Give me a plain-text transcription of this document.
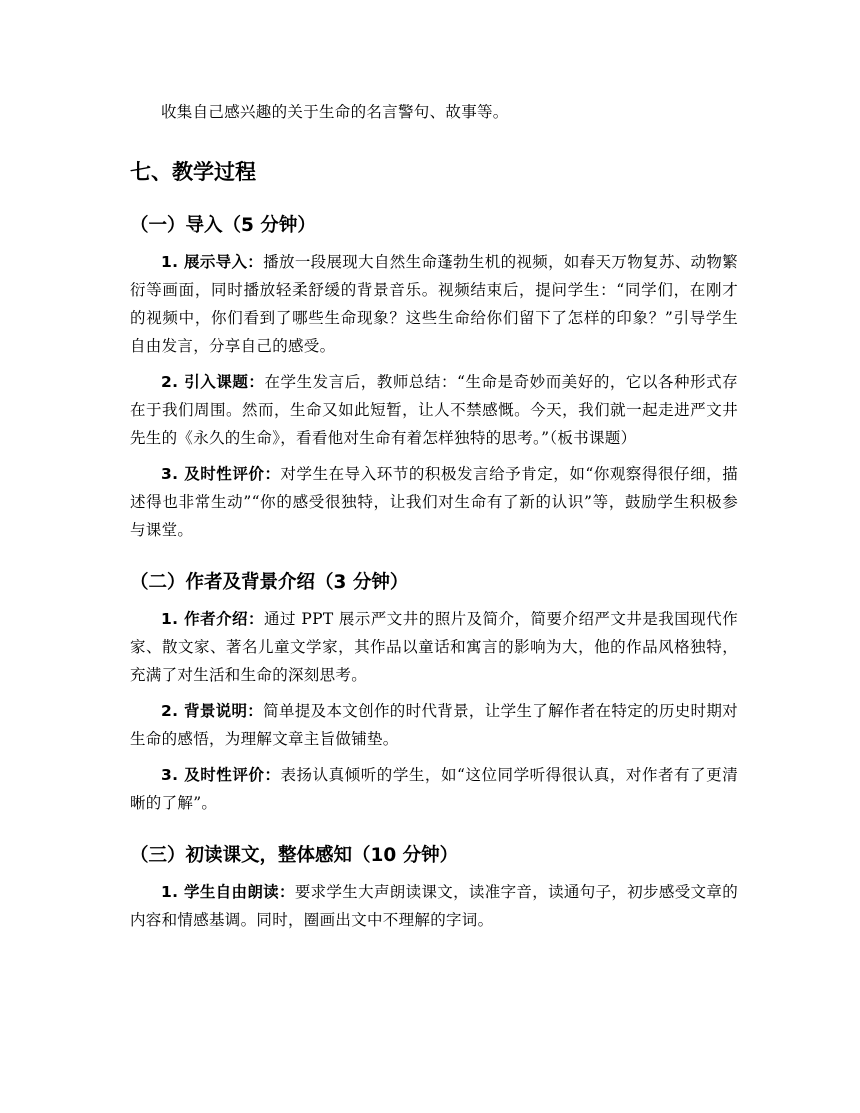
收集自己感兴趣的关于生命的名言警句、故事等。

七、教学过程
（一）导入（5 分钟）

1. 展示导入：播放一段展现大自然生命蓬勃生机的视频，如春天万物复苏、动物繁衍等画面，同时播放轻柔舒缓的背景音乐。视频结束后，提问学生：“同学们，在刚才的视频中，你们看到了哪些生命现象？这些生命给你们留下了怎样的印象？”引导学生自由发言，分享自己的感受。

2. 引入课题：在学生发言后，教师总结：“生命是奇妙而美好的，它以各种形式存在于我们周围。然而，生命又如此短暂，让人不禁感慨。今天，我们就一起走进严文井先生的《永久的生命》，看看他对生命有着怎样独特的思考。”（板书课题）

3. 及时性评价：对学生在导入环节的积极发言给予肯定，如“你观察得很仔细，描述得也非常生动”“你的感受很独特，让我们对生命有了新的认识”等，鼓励学生积极参与课堂。

（二）作者及背景介绍（3 分钟）

1. 作者介绍：通过 PPT 展示严文井的照片及简介，简要介绍严文井是我国现代作家、散文家、著名儿童文学家，其作品以童话和寓言的影响为大，他的作品风格独特，充满了对生活和生命的深刻思考。

2. 背景说明：简单提及本文创作的时代背景，让学生了解作者在特定的历史时期对生命的感悟，为理解文章主旨做铺垫。

3. 及时性评价：表扬认真倾听的学生，如“这位同学听得很认真，对作者有了更清晰的了解”。

（三）初读课文，整体感知（10 分钟）

1. 学生自由朗读：要求学生大声朗读课文，读准字音，读通句子，初步感受文章的内容和情感基调。同时，圈画出文中不理解的字词。
